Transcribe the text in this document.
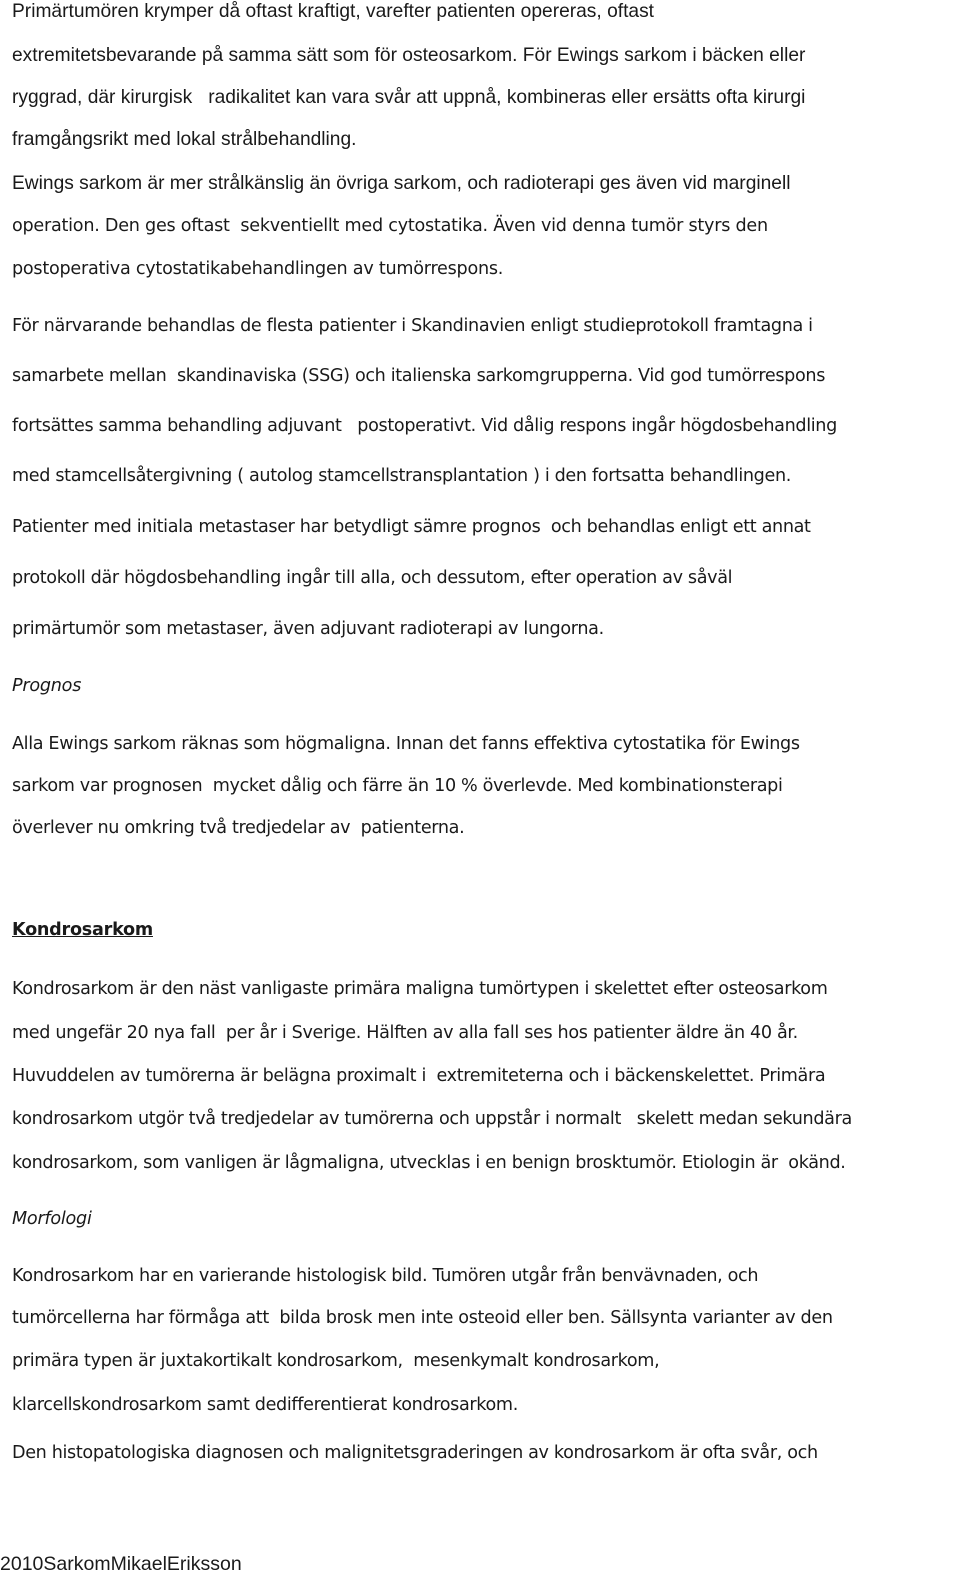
Primärtumören krymper då oftast kraftigt, varefter patienten opereras, oftast
extremitetsbevarande på samma sätt som för osteosarkom. För Ewings sarkom i bäcken eller
ryggrad, där kirurgisk   radikalitet kan vara svår att uppnå, kombineras eller ersätts ofta kirurgi
framgångsrikt med lokal strålbehandling.
Ewings sarkom är mer strålkänslig än övriga sarkom, och radioterapi ges även vid marginell
operation. Den ges oftast  sekventiellt med cytostatika. Även vid denna tumör styrs den
postoperativa cytostatikabehandlingen av tumörrespons.
För närvarande behandlas de flesta patienter i Skandinavien enligt studieprotokoll framtagna i
samarbete mellan  skandinaviska (SSG) och italienska sarkomgrupperna. Vid god tumörrespons
fortsättes samma behandling adjuvant   postoperativt. Vid dålig respons ingår högdosbehandling
med stamcellsåtergivning ( autolog stamcellstransplantation ) i den fortsatta behandlingen.
Patienter med initiala metastaser har betydligt sämre prognos  och behandlas enligt ett annat
protokoll där högdosbehandling ingår till alla, och dessutom, efter operation av såväl
primärtumör som metastaser, även adjuvant radioterapi av lungorna.
Prognos
Alla Ewings sarkom räknas som högmaligna. Innan det fanns effektiva cytostatika för Ewings
sarkom var prognosen  mycket dålig och färre än 10 % överlevde. Med kombinationsterapi
överlever nu omkring två tredjedelar av  patienterna.
Kondrosarkom
Kondrosarkom är den näst vanligaste primära maligna tumörtypen i skelettet efter osteosarkom
med ungefär 20 nya fall  per år i Sverige. Hälften av alla fall ses hos patienter äldre än 40 år.
Huvuddelen av tumörerna är belägna proximalt i  extremiteterna och i bäckenskelettet. Primära
kondrosarkom utgör två tredjedelar av tumörerna och uppstår i normalt   skelett medan sekundära
kondrosarkom, som vanligen är lågmaligna, utvecklas i en benign brosktumör. Etiologin är  okänd.
Morfologi
Kondrosarkom har en varierande histologisk bild. Tumören utgår från benvävnaden, och
tumörcellerna har förmåga att  bilda brosk men inte osteoid eller ben. Sällsynta varianter av den
primära typen är juxtakortikalt kondrosarkom,  mesenkymalt kondrosarkom,
klarcellskondrosarkom samt dedifferentierat kondrosarkom.
Den histopatologiska diagnosen och malignitetsgraderingen av kondrosarkom är ofta svår, och
2010SarkomMikaelEriksson
